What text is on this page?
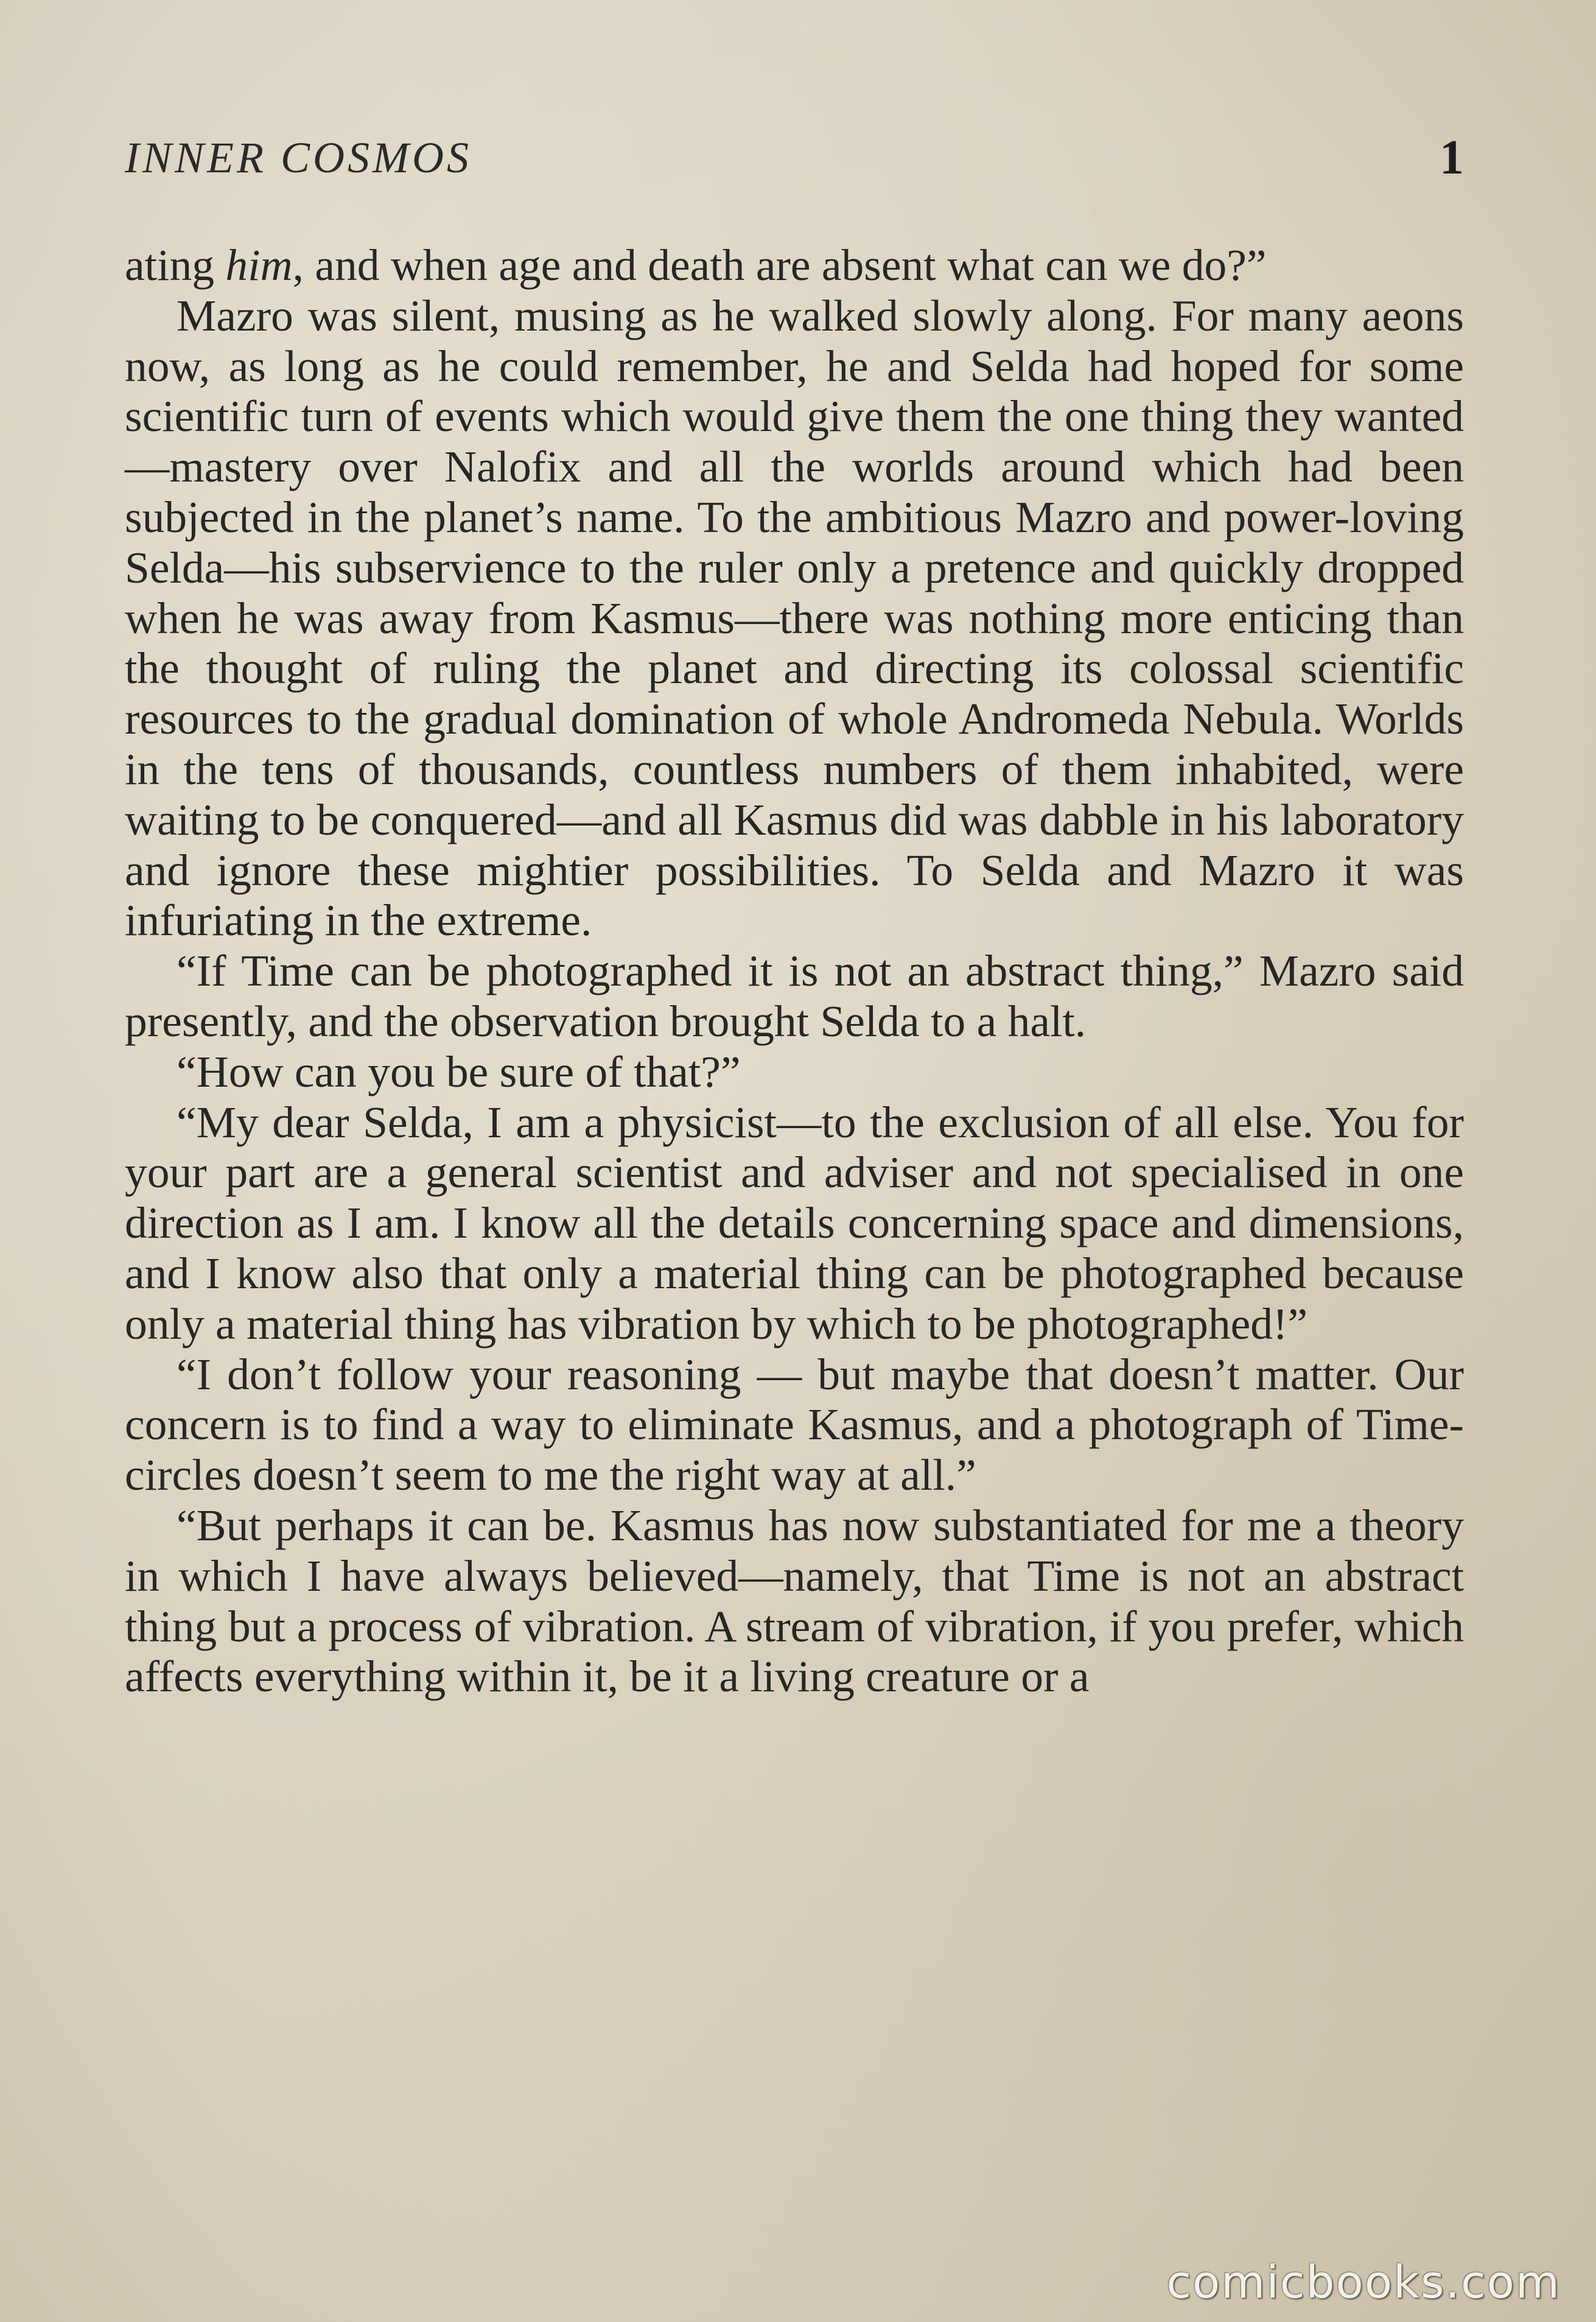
INNER COSMOS	1

ating him, and when age and death are absent what can we do?”

Mazro was silent, musing as he walked slowly along. For many aeons now, as long as he could remember, he and Selda had hoped for some scientific turn of events which would give them the one thing they wanted—mastery over Nalofix and all the worlds around which had been subjected in the planet’s name. To the ambitious Mazro and power-loving Selda—his subservience to the ruler only a pretence and quickly dropped when he was away from Kasmus—there was nothing more enticing than the thought of ruling the planet and directing its colossal scientific resources to the gradual domination of whole Andromeda Nebula. Worlds in the tens of thousands, countless numbers of them inhabited, were waiting to be conquered—and all Kasmus did was dabble in his laboratory and ignore these mightier possibilities. To Selda and Mazro it was infuriating in the extreme.

“If Time can be photographed it is not an abstract thing,” Mazro said presently, and the observation brought Selda to a halt.

“How can you be sure of that?”

“My dear Selda, I am a physicist—to the exclusion of all else. You for your part are a general scientist and adviser and not specialised in one direction as I am. I know all the details concerning space and dimensions, and I know also that only a material thing can be photographed because only a material thing has vibration by which to be photographed!”

“I don’t follow your reasoning — but maybe that doesn’t matter. Our concern is to find a way to eliminate Kasmus, and a photograph of Time-circles doesn’t seem to me the right way at all.”

“But perhaps it can be. Kasmus has now substantiated for me a theory in which I have always believed—namely, that Time is not an abstract thing but a process of vibration. A stream of vibration, if you prefer, which affects everything within it, be it a living creature or a

comicbooks.com
